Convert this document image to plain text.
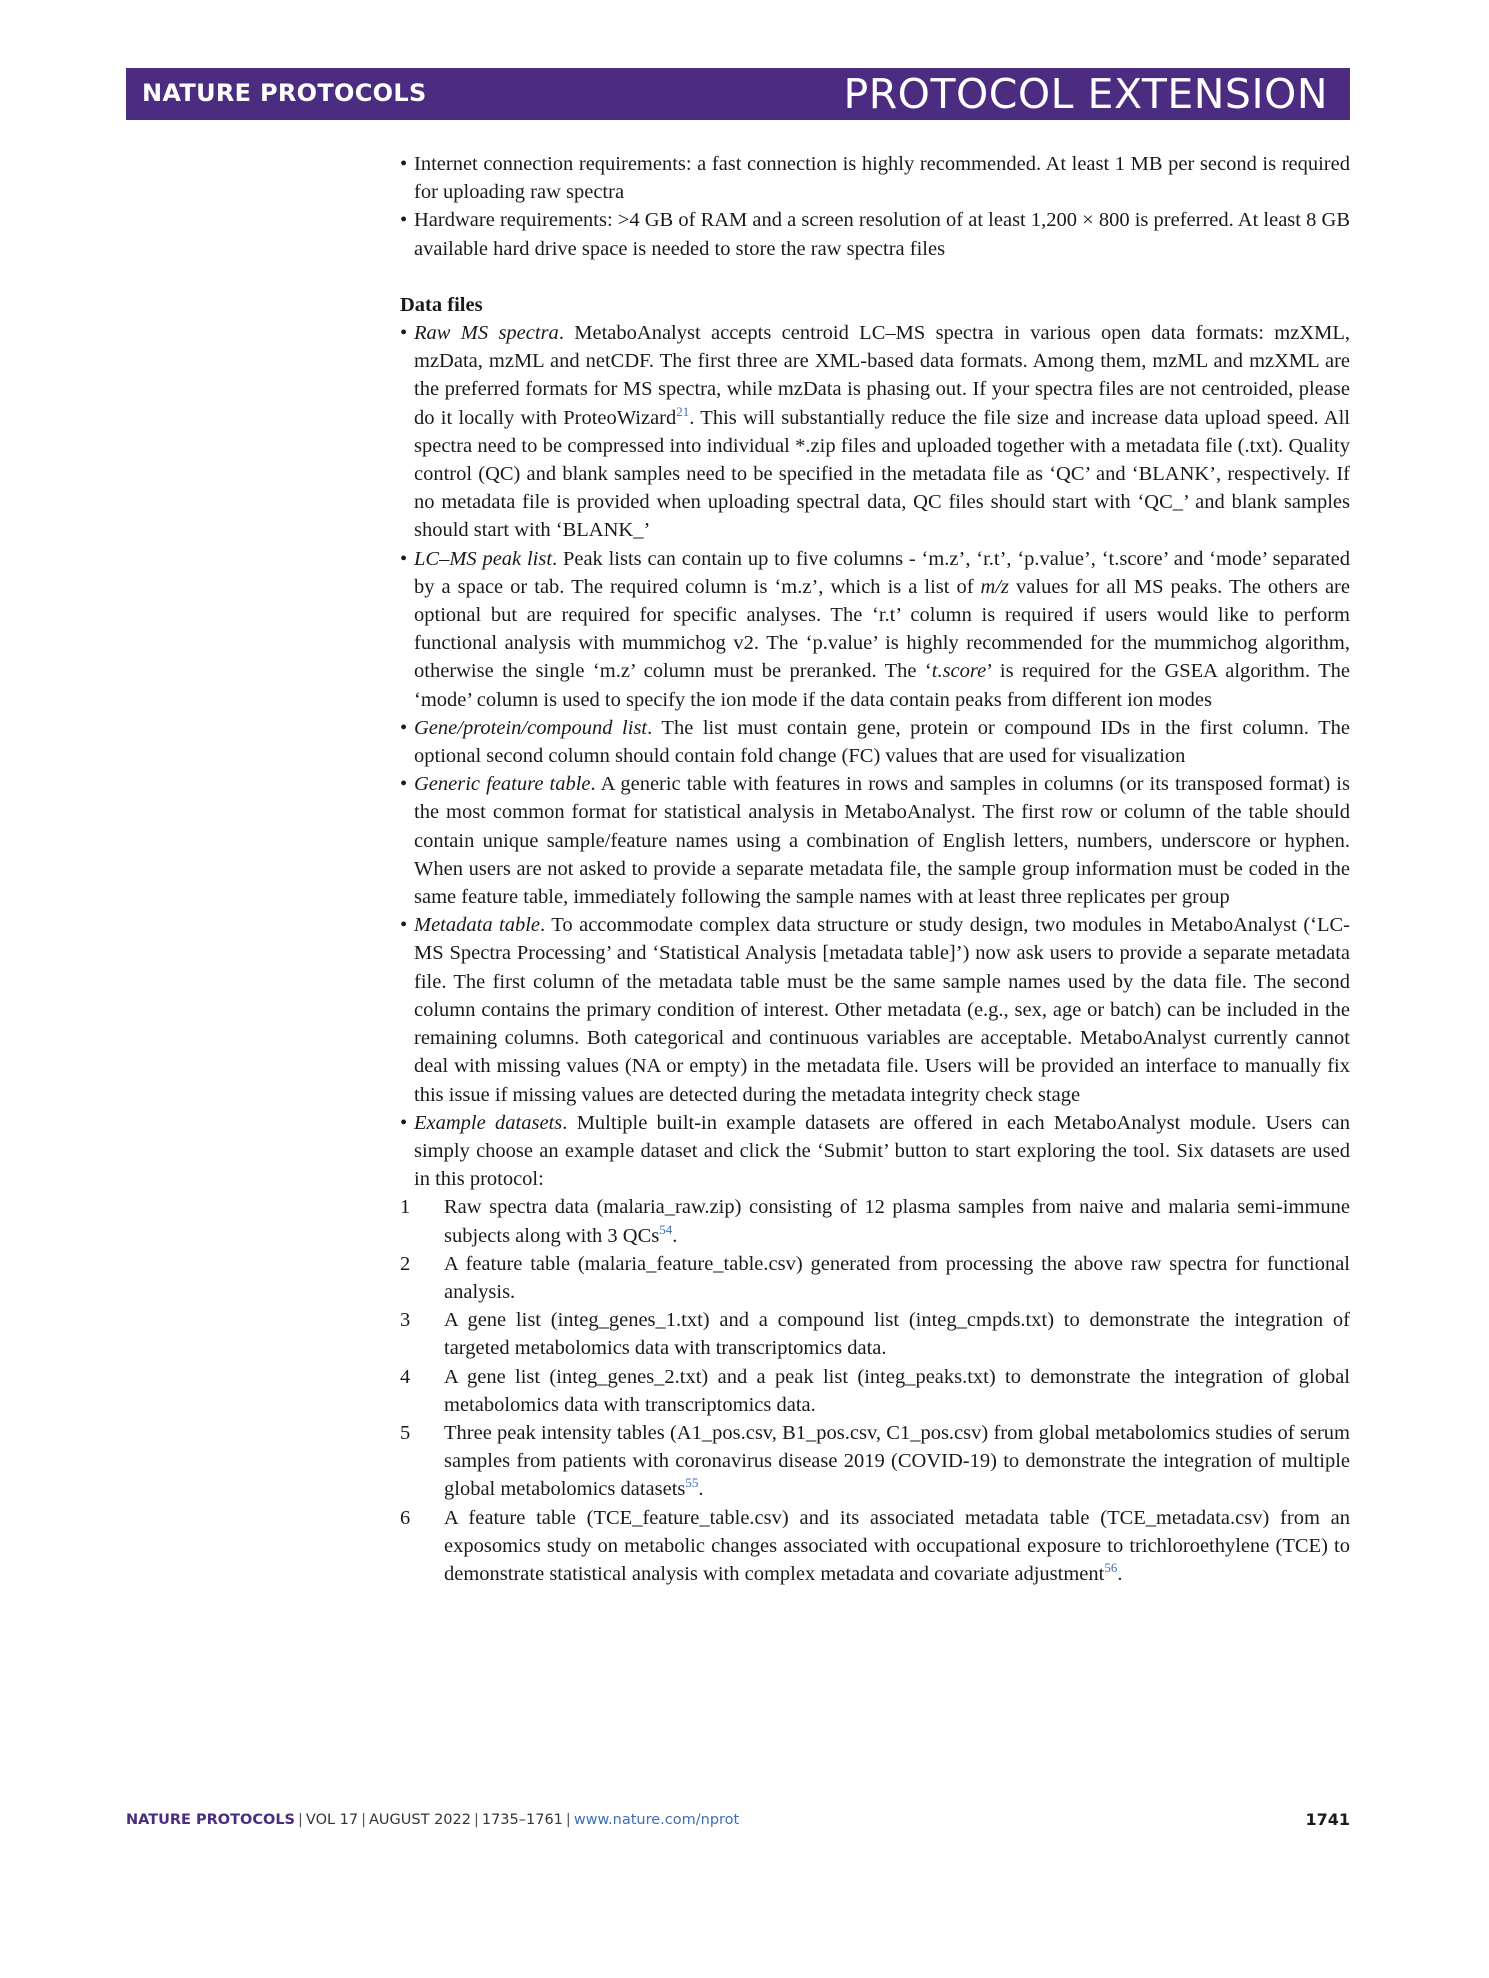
NATURE PROTOCOLS	PROTOCOL EXTENSION
• Internet connection requirements: a fast connection is highly recommended. At least 1 MB per second is required for uploading raw spectra
• Hardware requirements: >4 GB of RAM and a screen resolution of at least 1,200 × 800 is preferred. At least 8 GB available hard drive space is needed to store the raw spectra files

Data files

• Raw MS spectra. MetaboAnalyst accepts centroid LC–MS spectra in various open data formats: mzXML, mzData, mzML and netCDF. The first three are XML-based data formats. Among them, mzML and mzXML are the preferred formats for MS spectra, while mzData is phasing out. If your spectra files are not centroided, please do it locally with ProteoWizard$^{21}$. This will substantially reduce the file size and increase data upload speed. All spectra need to be compressed into individual *.zip files and uploaded together with a metadata file (.txt). Quality control (QC) and blank samples need to be specified in the metadata file as ‘QC’ and ‘BLANK’, respectively. If no metadata file is provided when uploading spectral data, QC files should start with ‘QC_’ and blank samples should start with ‘BLANK_’
• LC–MS peak list. Peak lists can contain up to five columns - ‘m.z’, ‘r.t’, ‘p.value’, ‘t.score’ and ‘mode’ separated by a space or tab. The required column is ‘m.z’, which is a list of m/z values for all MS peaks. The others are optional but are required for specific analyses. The ‘r.t’ column is required if users would like to perform functional analysis with mummichog v2. The ‘p.value’ is highly recommended for the mummichog algorithm, otherwise the single ‘m.z’ column must be preranked. The ‘t.score’ is required for the GSEA algorithm. The ‘mode’ column is used to specify the ion mode if the data contain peaks from different ion modes
• Gene/protein/compound list. The list must contain gene, protein or compound IDs in the first column. The optional second column should contain fold change (FC) values that are used for visualization
• Generic feature table. A generic table with features in rows and samples in columns (or its transposed format) is the most common format for statistical analysis in MetaboAnalyst. The first row or column of the table should contain unique sample/feature names using a combination of English letters, numbers, underscore or hyphen. When users are not asked to provide a separate metadata file, the sample group information must be coded in the same feature table, immediately following the sample names with at least three replicates per group
• Metadata table. To accommodate complex data structure or study design, two modules in MetaboAnalyst (‘LC-MS Spectra Processing’ and ‘Statistical Analysis [metadata table]’) now ask users to provide a separate metadata file. The first column of the metadata table must be the same sample names used by the data file. The second column contains the primary condition of interest. Other metadata (e.g., sex, age or batch) can be included in the remaining columns. Both categorical and continuous variables are acceptable. MetaboAnalyst currently cannot deal with missing values (NA or empty) in the metadata file. Users will be provided an interface to manually fix this issue if missing values are detected during the metadata integrity check stage
• Example datasets. Multiple built-in example datasets are offered in each MetaboAnalyst module. Users can simply choose an example dataset and click the ‘Submit’ button to start exploring the tool. Six datasets are used in this protocol:
1 Raw spectra data (malaria_raw.zip) consisting of 12 plasma samples from naive and malaria semi-immune subjects along with 3 QCs$^{54}$.
2 A feature table (malaria_feature_table.csv) generated from processing the above raw spectra for functional analysis.
3 A gene list (integ_genes_1.txt) and a compound list (integ_cmpds.txt) to demonstrate the integration of targeted metabolomics data with transcriptomics data.
4 A gene list (integ_genes_2.txt) and a peak list (integ_peaks.txt) to demonstrate the integration of global metabolomics data with transcriptomics data.
5 Three peak intensity tables (A1_pos.csv, B1_pos.csv, C1_pos.csv) from global metabolomics studies of serum samples from patients with coronavirus disease 2019 (COVID-19) to demonstrate the integration of multiple global metabolomics datasets$^{55}$.
6 A feature table (TCE_feature_table.csv) and its associated metadata table (TCE_metadata.csv) from an exposomics study on metabolic changes associated with occupational exposure to trichloroethylene (TCE) to demonstrate statistical analysis with complex metadata and covariate adjustment$^{56}$.
NATURE PROTOCOLS | VOL 17 | AUGUST 2022 | 1735–1761 | www.nature.com/nprot	1741
